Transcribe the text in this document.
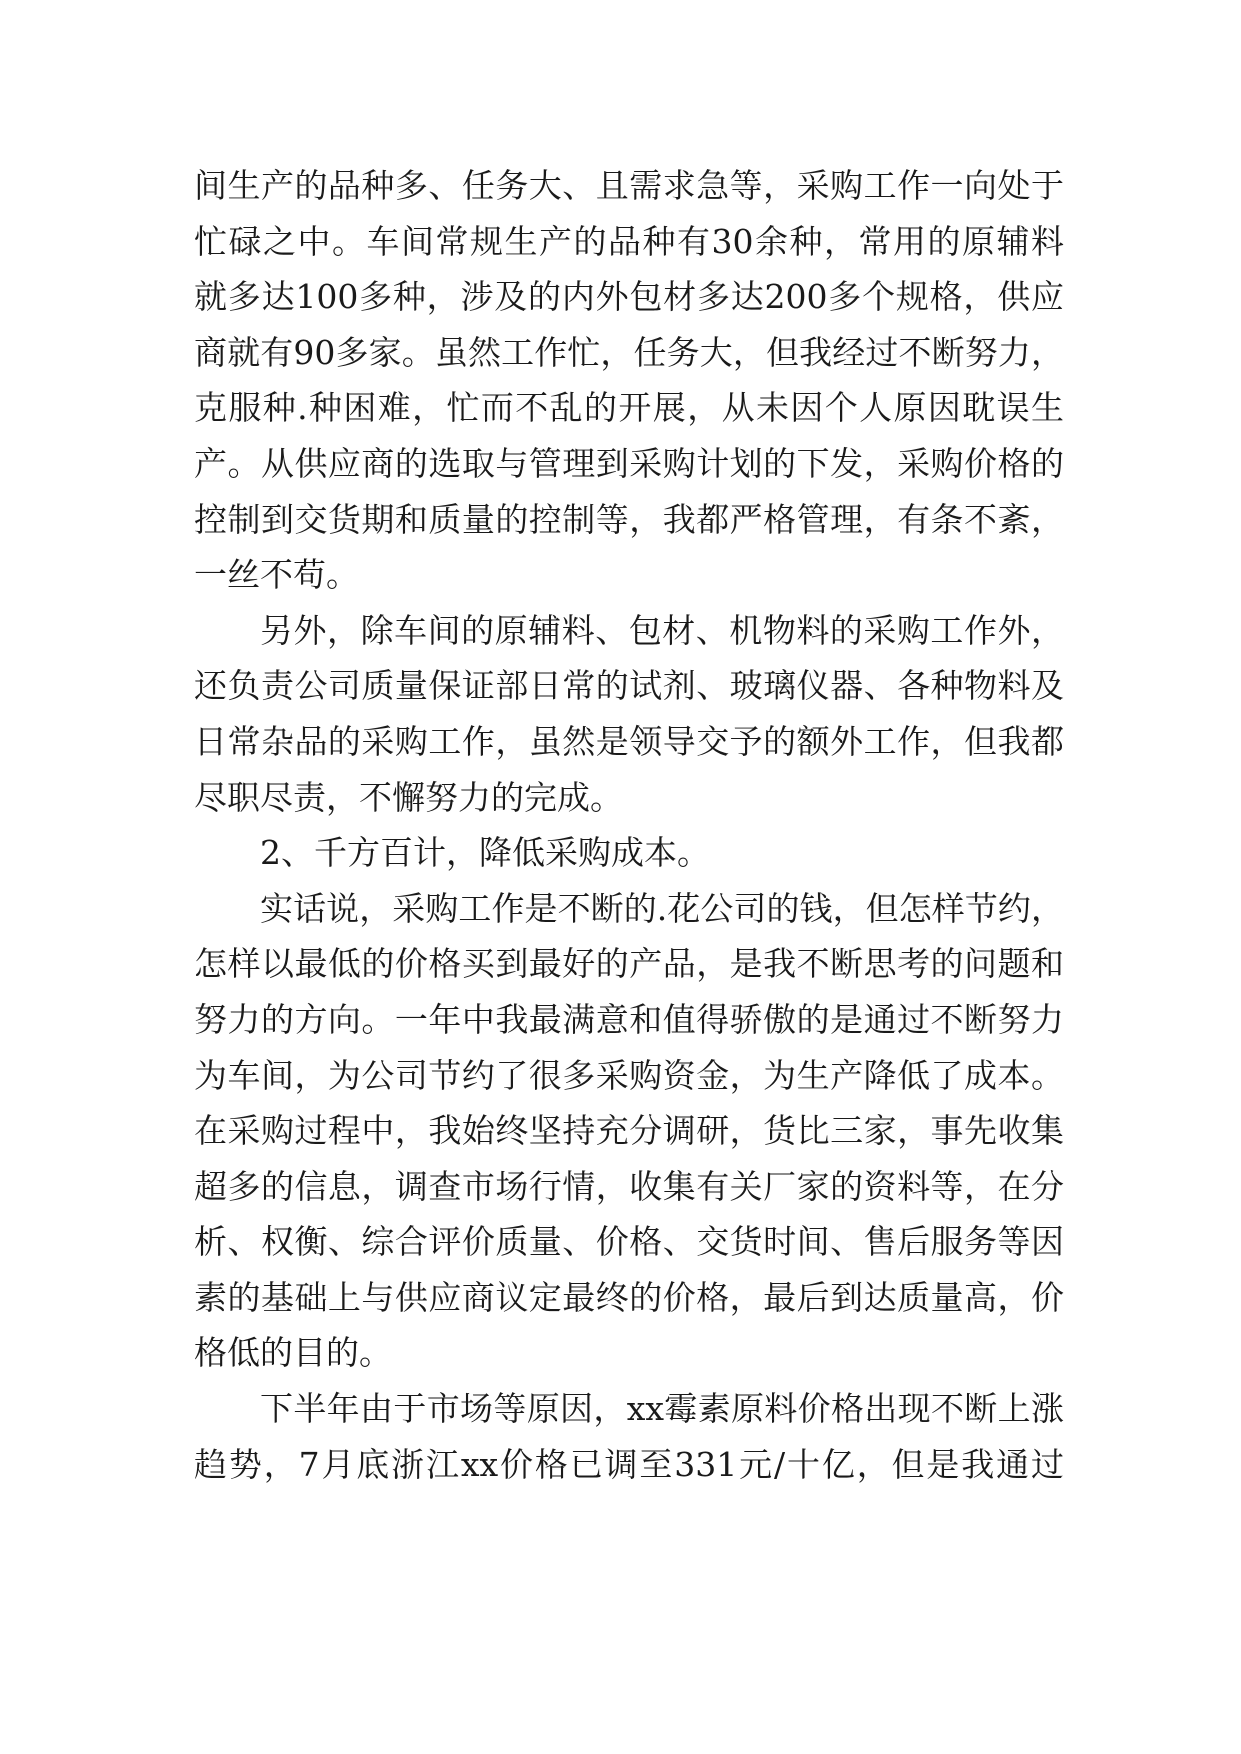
间生产的品种多、任务大、且需求急等，采购工作一向处于
忙碌之中。车间常规生产的品种有30余种，常用的原辅料
就多达100多种，涉及的内外包材多达200多个规格，供应
商就有90多家。虽然工作忙，任务大，但我经过不断努力，
克服种.种困难，忙而不乱的开展，从未因个人原因耽误生
产。从供应商的选取与管理到采购计划的下发，采购价格的
控制到交货期和质量的控制等，我都严格管理，有条不紊，
一丝不苟。
另外，除车间的原辅料、包材、机物料的采购工作外，
还负责公司质量保证部日常的试剂、玻璃仪器、各种物料及
日常杂品的采购工作，虽然是领导交予的额外工作，但我都
尽职尽责，不懈努力的完成。
2、千方百计，降低采购成本。
实话说，采购工作是不断的.花公司的钱，但怎样节约，
怎样以最低的价格买到最好的产品，是我不断思考的问题和
努力的方向。一年中我最满意和值得骄傲的是通过不断努力
为车间，为公司节约了很多采购资金，为生产降低了成本。
在采购过程中，我始终坚持充分调研，货比三家，事先收集
超多的信息，调查市场行情，收集有关厂家的资料等，在分
析、权衡、综合评价质量、价格、交货时间、售后服务等因
素的基础上与供应商议定最终的价格，最后到达质量高，价
格低的目的。
下半年由于市场等原因，xx霉素原料价格出现不断上涨
趋势，7月底浙江xx价格已调至331元/十亿，但是我通过
